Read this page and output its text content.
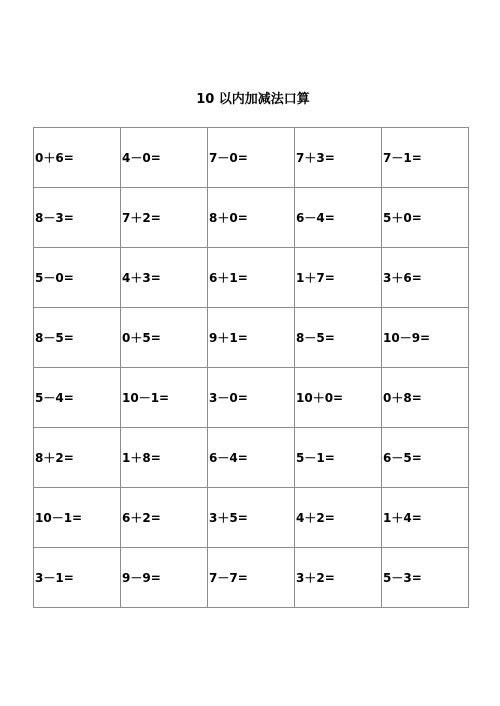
10 以内加减法口算
0＋6=	4－0=	7－0=	7＋3=	7－1=
8－3=	7＋2=	8＋0=	6－4=	5＋0=
5－0=	4＋3=	6＋1=	1＋7=	3＋6=
8－5=	0＋5=	9＋1=	8－5=	10－9=
5－4=	10－1=	3－0=	10＋0=	0＋8=
8＋2=	1＋8=	6－4=	5－1=	6－5=
10－1=	6＋2=	3＋5=	4＋2=	1＋4=
3－1=	9－9=	7－7=	3＋2=	5－3=
